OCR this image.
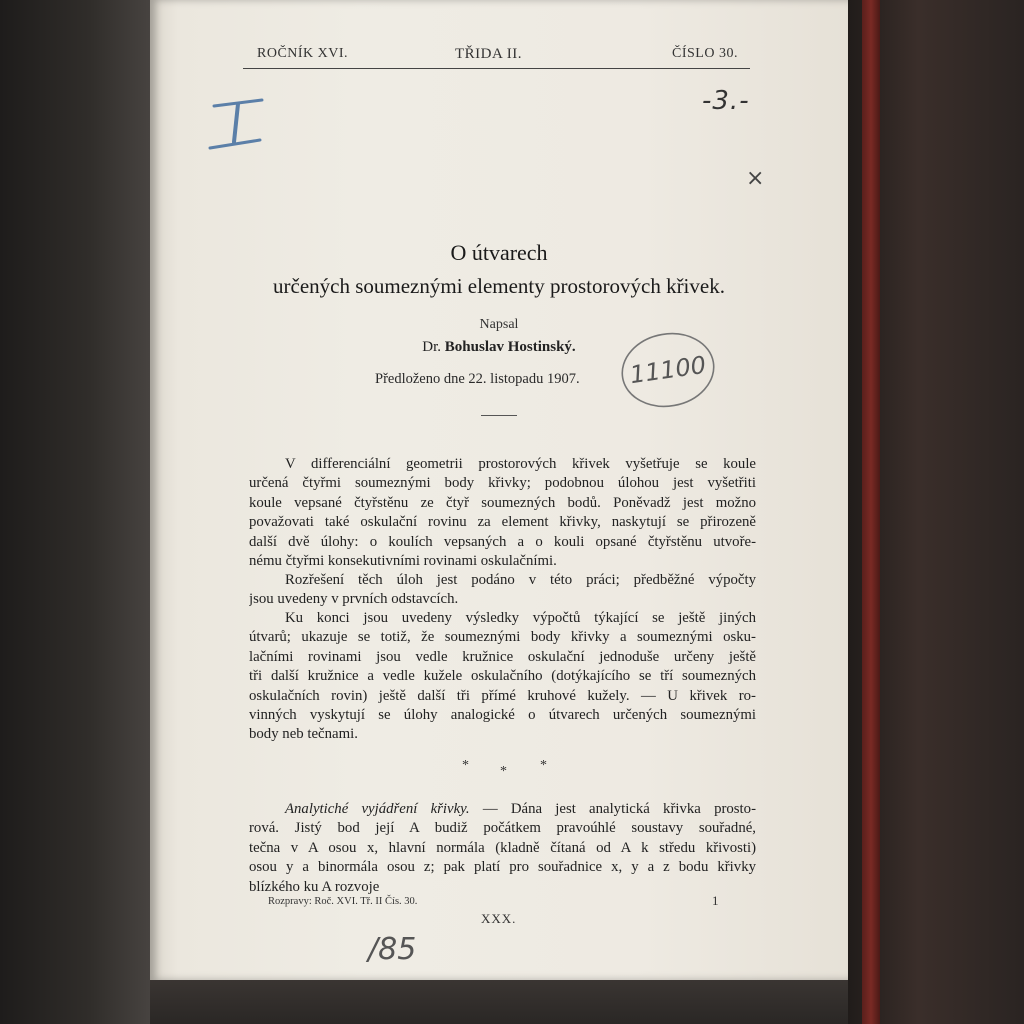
ROČNÍK XVI.	TŘIDA II.	ČÍSLO 30.
-3.-
×
11100
/85
O útvarech
určených soumeznými elementy prostorových křivek.
Napsal
Dr. Bohuslav Hostinský.
Předloženo dne 22. listopadu 1907.
V differenciální geometrii prostorových křivek vyšetřuje se koule
určená čtyřmi soumeznými body křivky; podobnou úlohou jest vyšetřiti
koule vepsané čtyřstěnu ze čtyř soumezných bodů. Poněvadž jest možno
považovati také oskulační rovinu za element křivky, naskytují se přirozeně
další dvě úlohy: o koulích vepsaných a o kouli opsané čtyřstěnu utvoře-
nému čtyřmi konsekutivními rovinami oskulačními.
Rozřešení těch úloh jest podáno v této práci; předběžné výpočty
jsou uvedeny v prvních odstavcích.
Ku konci jsou uvedeny výsledky výpočtů týkající se ještě jiných
útvarů; ukazuje se totiž, že soumeznými body křivky a soumeznými osku-
lačními rovinami jsou vedle kružnice oskulační jednoduše určeny ještě
tři další kružnice a vedle kužele oskulačního (dotýkajícího se tří soumezných
oskulačních rovin) ještě další tři přímé kruhové kužely. — U křivek ro-
vinných vyskytují se úlohy analogické o útvarech určených soumeznými
body neb tečnami.
* * *
Analytiché vyjádření křivky. — Dána jest analytická křivka prosto-
rová. Jistý bod její A budiž počátkem pravoúhlé soustavy souřadné,
tečna v A osou x, hlavní normála (kladně čítaná od A k středu křivosti)
osou y a binormála osou z; pak platí pro souřadnice x, y a z bodu křivky
blízkého ku A rozvoje
Rozpravy: Roč. XVI. Tř. II Čís. 30.	1
XXX.
